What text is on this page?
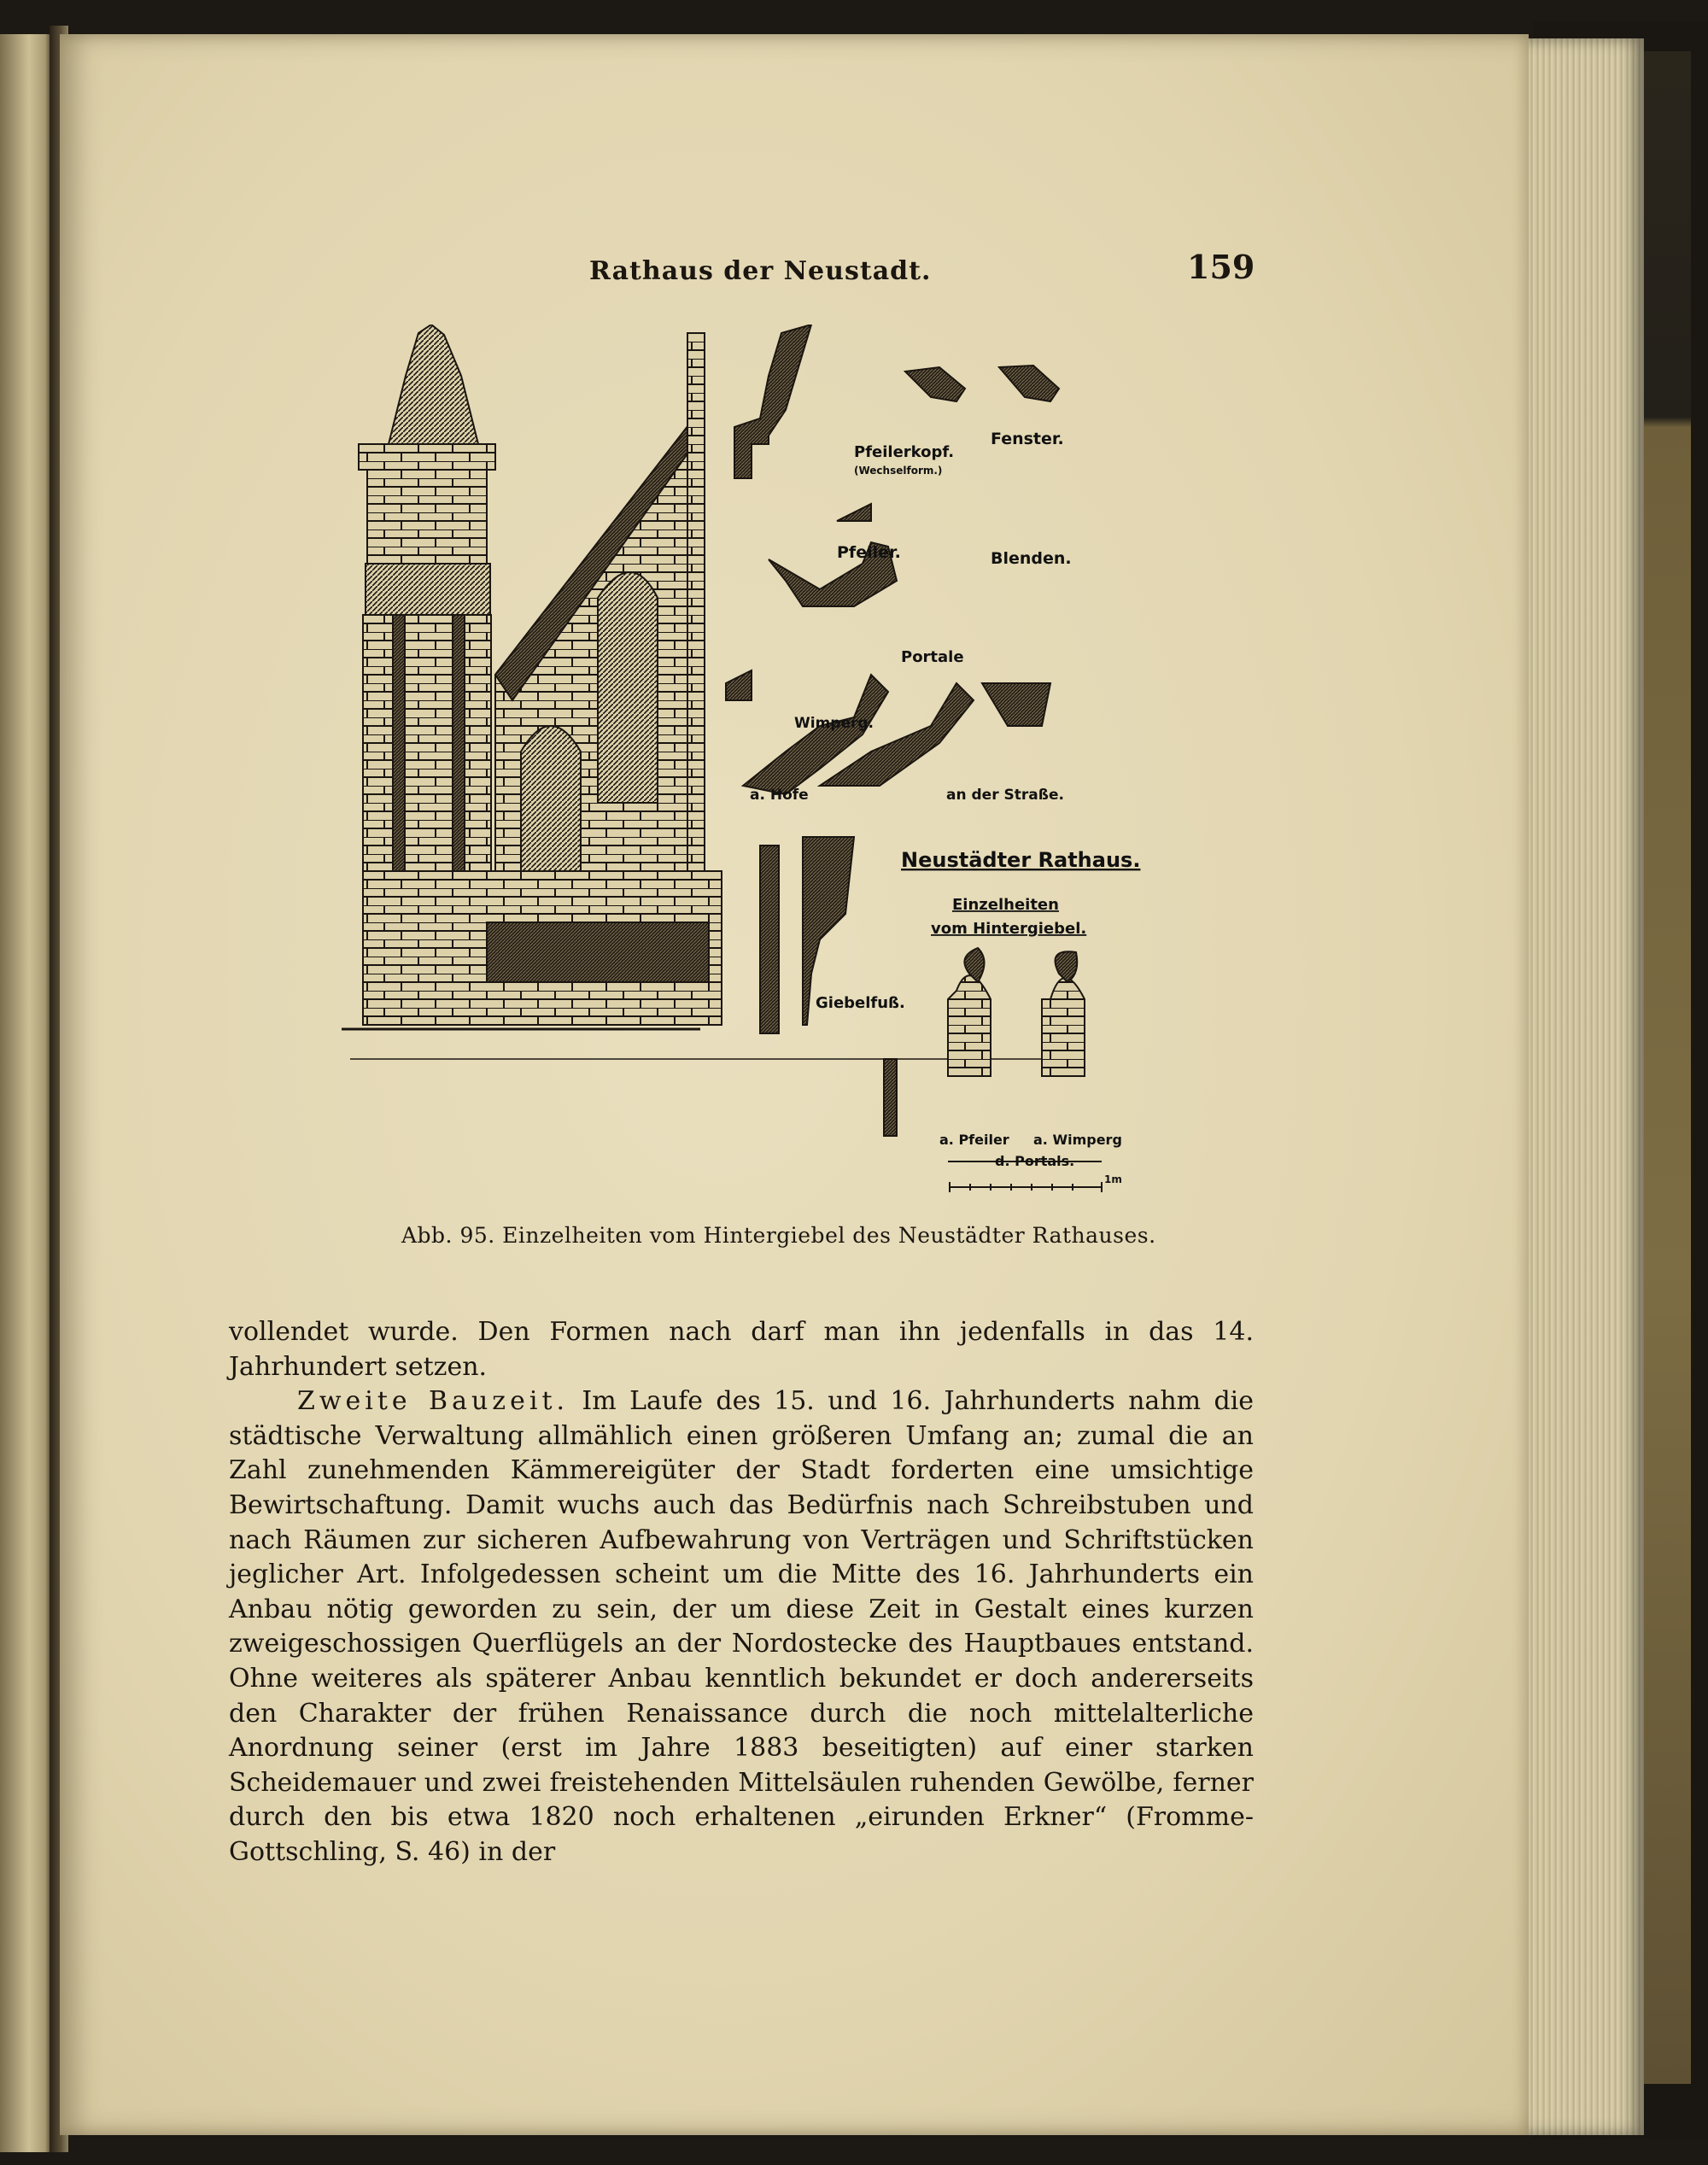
Rathaus der Neustadt.	159
Pfeilerkopf.
(Wechselform.)
Fenster.
Pfeiler.	Blenden.
Portale
Wimperg.
a. Hofe	an der Straße.
Neustädter Rathaus.
Einzelheiten
vom Hintergiebel.
Giebelfuß.
a. Pfeiler a. Wimperg
d. Portals.
1m
Abb. 95. Einzelheiten vom Hintergiebel des Neustädter Rathauses.

vollendet wurde. Den Formen nach darf man ihn jedenfalls in das 14. Jahrhundert setzen.

Zweite Bauzeit. Im Laufe des 15. und 16. Jahrhunderts nahm die städtische Verwaltung allmählich einen größeren Umfang an; zumal die an Zahl zunehmenden Kämmereigüter der Stadt forderten eine umsichtige Bewirtschaftung. Damit wuchs auch das Bedürfnis nach Schreibstuben und nach Räumen zur sicheren Aufbewahrung von Verträgen und Schriftstücken jeglicher Art. Infolgedessen scheint um die Mitte des 16. Jahrhunderts ein Anbau nötig geworden zu sein, der um diese Zeit in Gestalt eines kurzen zweigeschossigen Querflügels an der Nordostecke des Hauptbaues entstand. Ohne weiteres als späterer Anbau kenntlich bekundet er doch andererseits den Charakter der frühen Renaissance durch die noch mittelalterliche Anordnung seiner (erst im Jahre 1883 beseitigten) auf einer starken Scheidemauer und zwei freistehenden Mittelsäulen ruhenden Gewölbe, ferner durch den bis etwa 1820 noch erhaltenen „eirunden Erkner“ (Fromme-Gottschling, S. 46) in der
